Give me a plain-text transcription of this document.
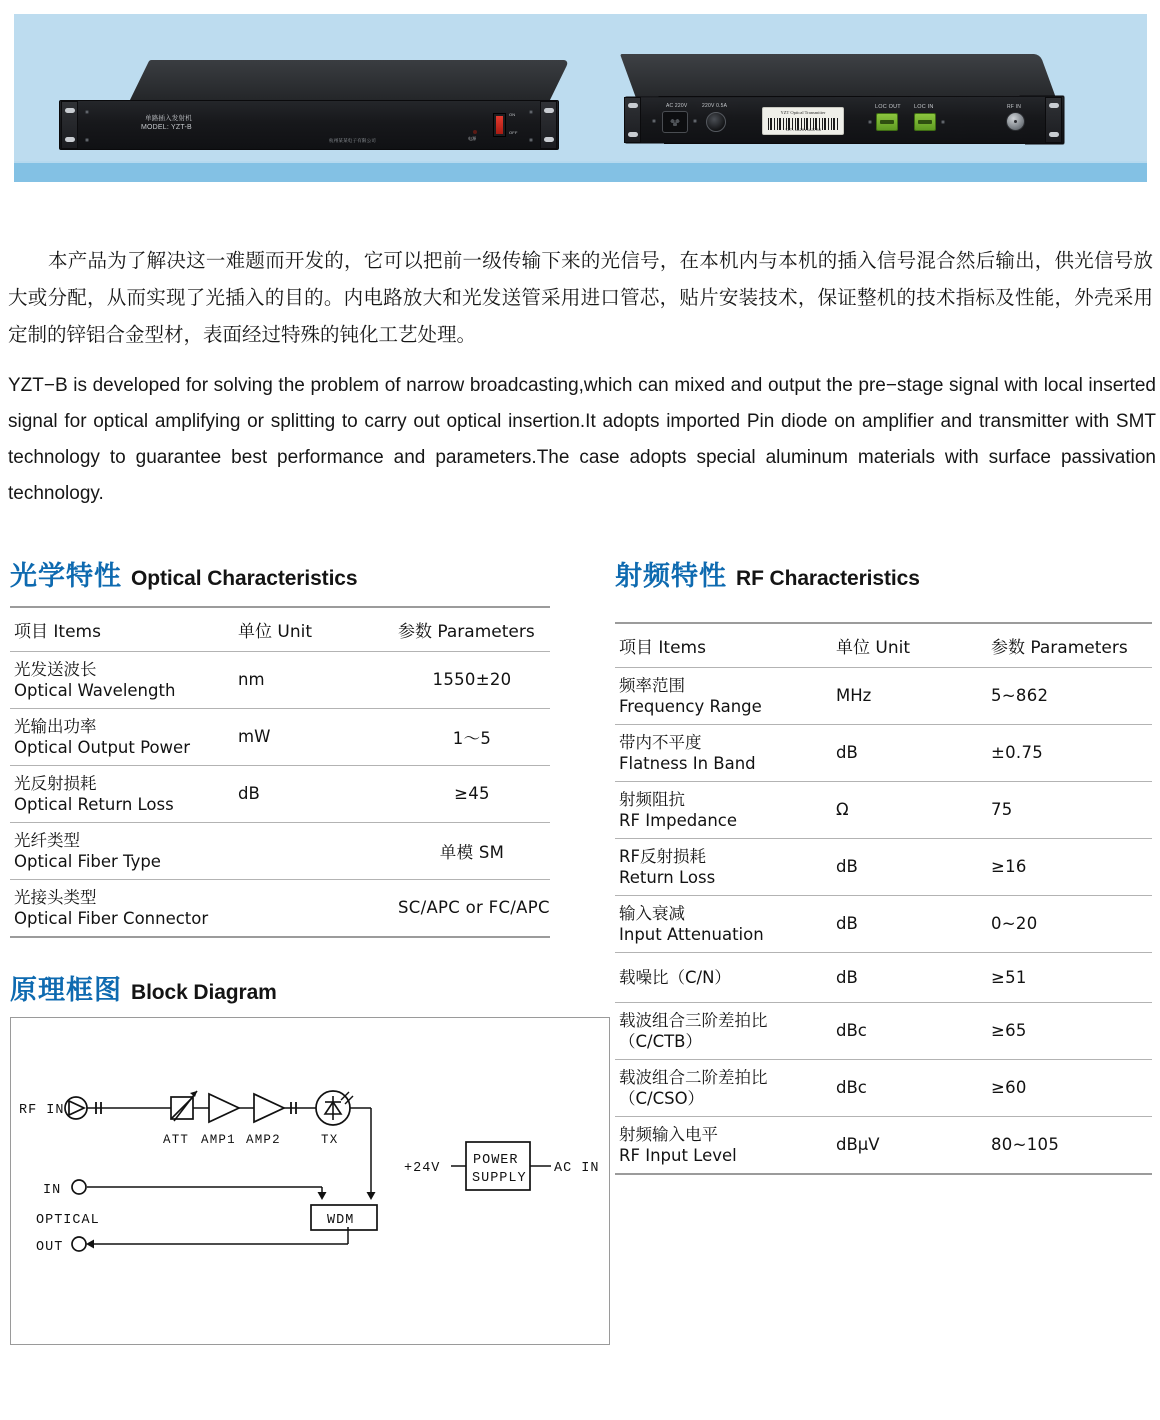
单路插入发射机
MODEL: YZT-B
杭州某某电子有限公司
ON
OFF
电源
AC 220V	220V 0.5A
YZT Optical Transmitter
YZT-1B20V5A3783
LOC OUT LOC IN	RF IN

本产品为了解决这一难题而开发的，它可以把前一级传输下来的光信号，在本机内与本机的插入信号混合然后输出，供光信号放大或分配，从而实现了光插入的目的。内电路放大和光发送管采用进口管芯，贴片安装技术，保证整机的技术指标及性能，外壳采用定制的锌铝合金型材，表面经过特殊的钝化工艺处理。

YZT−B is developed for solving the problem of narrow broadcasting,which can mixed and output the pre−stage signal with local inserted signal for optical amplifying or splitting to carry out optical insertion.It adopts imported Pin diode on amplifier and transmitter with SMT technology to guarantee best performance and parameters.The case adopts special aluminum materials with surface passivation technology.

光学特性 Optical Characteristics
项目 Items	单位 Unit	参数 Parameters

光发送波长
Optical Wavelength	nm	1550±20

光输出功率
Optical Output Power	mW	1～5

光反射损耗
Optical Return Loss	dB	≥45

光纤类型
Optical Fiber Type		单模 SM

光接头类型
Optical Fiber Connector		SC/APC or FC/APC
射频特性 RF Characteristics
项目 Items	单位 Unit	参数 Parameters

频率范围
Frequency Range	MHz	5~862

带内不平度
Flatness In Band	dB	±0.75

射频阻抗
RF Impedance	Ω	75

RF反射损耗
Return Loss	dB	≥16

输入衰减
Input Attenuation	dB	0~20

载噪比（C/N）	dB	≥51

载波组合三阶差拍比
（C/CTB）	dBc	≥65

载波组合二阶差拍比
（C/CSO）	dBc	≥60

射频输入电平
RF Input Level	dBμV	80~105
原理框图 Block Diagram
RF IN
ATT AMP1 AMP2	TX
IN
OPTICAL
OUT
WDM
+24V
POWER
SUPPLY
AC IN
